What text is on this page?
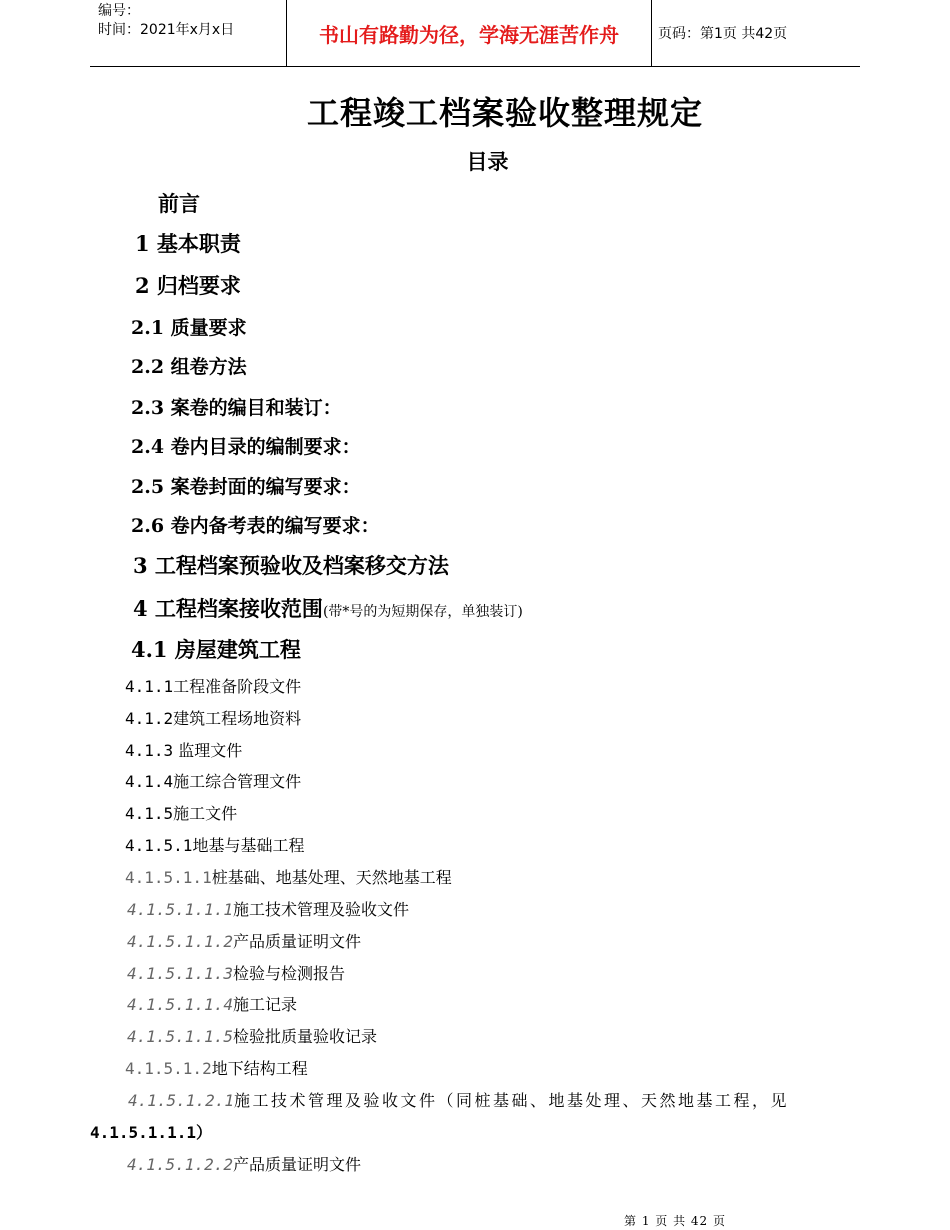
编号：
时间：2021年x月x日	书山有路勤为径，学海无涯苦作舟	页码：第1页 共42页
工程竣工档案验收整理规定
目录
前言
1 基本职责
2 归档要求
2.1 质量要求
2.2 组卷方法
2.3 案卷的编目和装订：
2.4 卷内目录的编制要求：
2.5 案卷封面的编写要求：
2.6 卷内备考表的编写要求：
3 工程档案预验收及档案移交方法
4 工程档案接收范围(带*号的为短期保存，单独装订)
4.1 房屋建筑工程
4.1.1工程准备阶段文件
4.1.2建筑工程场地资料
4.1.3 监理文件
4.1.4施工综合管理文件
4.1.5施工文件
4.1.5.1地基与基础工程
4.1.5.1.1桩基础、地基处理、天然地基工程
4.1.5.1.1.1施工技术管理及验收文件
4.1.5.1.1.2产品质量证明文件
4.1.5.1.1.3检验与检测报告
4.1.5.1.1.4施工记录
4.1.5.1.1.5检验批质量验收记录
4.1.5.1.2地下结构工程
4.1.5.1.2.1施工技术管理及验收文件（同桩基础、地基处理、天然地基工程，见
4.1.5.1.1.1）
4.1.5.1.2.2产品质量证明文件
第 1 页 共 42 页
